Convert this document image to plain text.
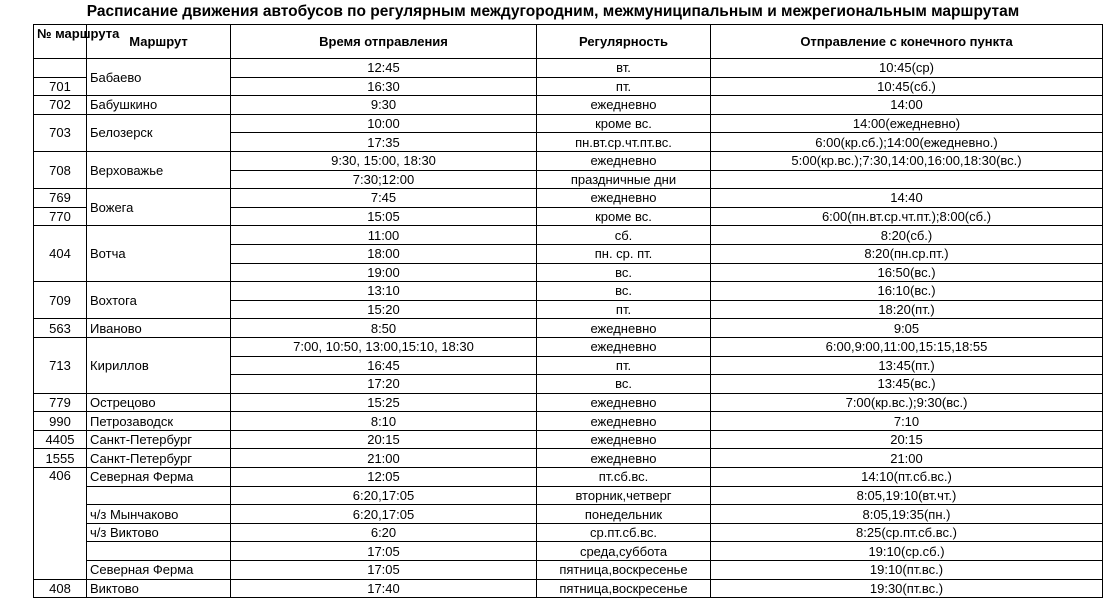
Расписание движения автобусов по регулярным междугородним, межмуниципальным и межрегиональным маршрутам
№ маршрута	Маршрут	Время отправления	Регулярность	Отправление с конечного пункта
	Бабаево	12:45	вт.	10:45(ср)
701		16:30	пт.	10:45(сб.)
702	Бабушкино	9:30	ежедневно	14:00
703	Белозерск	10:00	кроме вс.	14:00(ежедневно)
		17:35	пн.вт.ср.чт.пт.вс.	6:00(кр.сб.);14:00(ежедневно.)
708	Верховажье	9:30, 15:00, 18:30	ежедневно	5:00(кр.вс.);7:30,14:00,16:00,18:30(вс.)
		7:30;12:00	праздничные дни	
769	Вожега	7:45	ежедневно	14:40
770		15:05	кроме вс.	6:00(пн.вт.ср.чт.пт.);8:00(сб.)
404	Вотча	11:00	сб.	8:20(сб.)
		18:00	пн. ср. пт.	8:20(пн.ср.пт.)
		19:00	вс.	16:50(вс.)
709	Вохтога	13:10	вс.	16:10(вс.)
		15:20	пт.	18:20(пт.)
563	Иваново	8:50	ежедневно	9:05
713	Кириллов	7:00, 10:50, 13:00,15:10, 18:30	ежедневно	6:00,9:00,11:00,15:15,18:55
		16:45	пт.	13:45(пт.)
		17:20	вс.	13:45(вс.)
779	Острецово	15:25	ежедневно	7:00(кр.вс.);9:30(вс.)
990	Петрозаводск	8:10	ежедневно	7:10
4405	Санкт-Петербург	20:15	ежедневно	20:15
1555	Санкт-Петербург	21:00	ежедневно	21:00
406	Северная Ферма	12:05	пт.сб.вс.	14:10(пт.сб.вс.)
		6:20,17:05	вторник,четверг	8:05,19:10(вт.чт.)
	ч/з Мынчаково	6:20,17:05	понедельник	8:05,19:35(пн.)
	ч/з Виктово	6:20	ср.пт.сб.вс.	8:25(ср.пт.сб.вс.)
		17:05	среда,суббота	19:10(ср.сб.)
	Северная Ферма	17:05	пятница,воскресенье	19:10(пт.вс.)
408	Виктово	17:40	пятница,воскресенье	19:30(пт.вс.)
